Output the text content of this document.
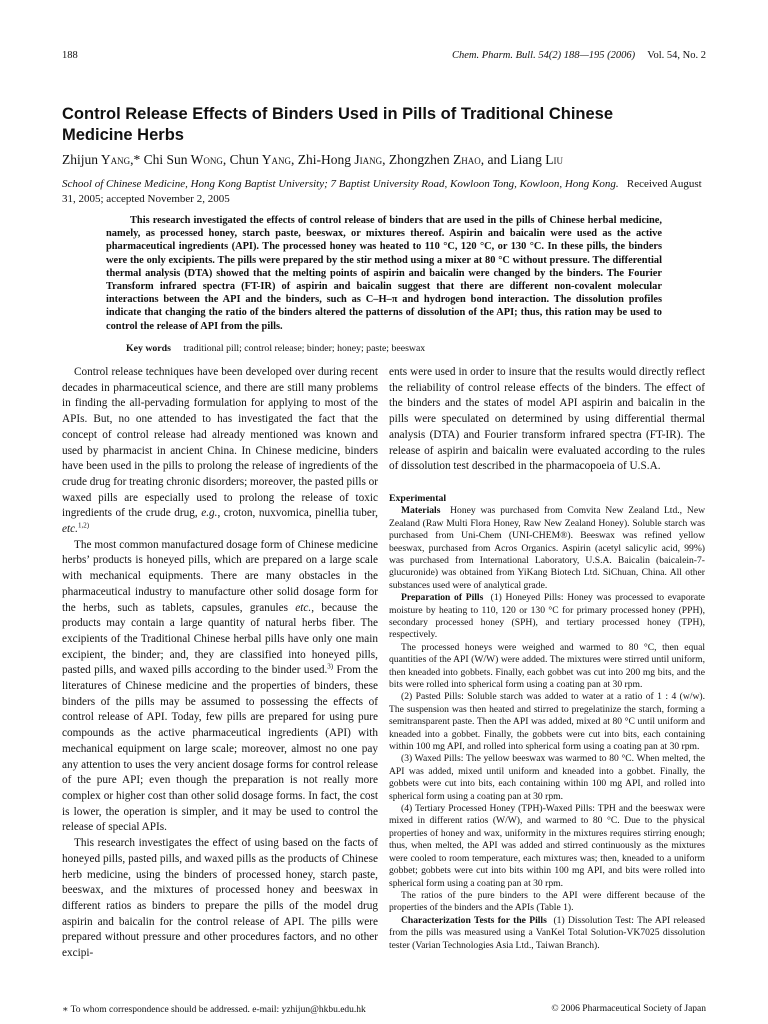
188	Chem. Pharm. Bull. 54(2) 188—195 (2006) Vol. 54, No. 2
Control Release Effects of Binders Used in Pills of Traditional Chinese Medicine Herbs
Zhijun Yang,* Chi Sun Wong, Chun Yang, Zhi-Hong Jiang, Zhongzhen Zhao, and Liang Liu
School of Chinese Medicine, Hong Kong Baptist University; 7 Baptist University Road, Kowloon Tong, Kowloon, Hong Kong. Received August 31, 2005; accepted November 2, 2005
This research investigated the effects of control release of binders that are used in the pills of Chinese herbal medicine, namely, as processed honey, starch paste, beeswax, or mixtures thereof. Aspirin and baicalin were used as the active pharmaceutical ingredients (API). The processed honey was heated to 110 °C, 120 °C, or 130 °C. In these pills, the binders were the only excipients. The pills were prepared by the stir method using a mixer at 80 °C without pressure. The differential thermal analysis (DTA) showed that the melting points of aspirin and baicalin were changed by the binders. The Fourier Transform infrared spectra (FT-IR) of aspirin and baicalin suggest that there are different non-covalent molecular interactions between the API and the binders, such as C–H–π and hydrogen bond interaction. The dissolution profiles indicate that changing the ratio of the binders altered the patterns of dissolution of the API; thus, this ration may be used to control the release of API from the pills.
Key words traditional pill; control release; binder; honey; paste; beeswax

Control release techniques have been developed over during recent decades in pharmaceutical science, and there are still many problems in finding the all-pervading formulation for applying to most of the APIs. But, no one attended to has investigated the fact that the concept of control release had already mentioned was known and used by pharmacist in ancient China. In Chinese medicine, binders have been used in the pills to prolong the release of ingredients of the crude drug for treating chronic disorders; moreover, the pasted pills or waxed pills are especially used to prolong the release of toxic ingredients of the crude drug, e.g., croton, nuxvomica, pinellia tuber, etc.$^{1,2)}$

The most common manufactured dosage form of Chinese medicine herbs’ products is honeyed pills, which are prepared on a large scale with mechanical equipments. There are many obstacles in the pharmaceutical industry to manufacture other solid dosage form for the herbs, such as tablets, capsules, granules etc., because the products may contain a large quantity of natural herbs fiber. The excipients of the Traditional Chinese herbal pills have only one main excipient, the binder; and, they are classified into honeyed pills, pasted pills, and waxed pills according to the binder used.$^{3)}$ From the literatures of Chinese medicine and the properties of binders, these binders of the pills may be assumed to possessing the effects of control release of API. Today, few pills are prepared for using pure compounds as the active pharmaceutical ingredients (API) with mechanical equipment on large scale; moreover, almost no one pay any attention to uses the very ancient dosage forms for control release of the pure API; even though the preparation is not really more complex or higher cost than other solid dosage forms. In fact, the cost is lower, the operation is simpler, and it may be used to control the release of special APIs.

This research investigates the effect of using based on the facts of honeyed pills, pasted pills, and waxed pills as the products of Chinese herb medicine, using the binders of processed honey, starch paste, beeswax, and the mixtures of processed honey and beeswax in different ratios as binders to prepare the pills of the model drug aspirin and baicalin for the control release of API. The pills were prepared without pressure and other procedures factors, and no other excipi-

ents were used in order to insure that the results would directly reflect the reliability of control release effects of the binders. The effect of the binders and the states of model API aspirin and baicalin in the pills were speculated on determined by using differential thermal analysis (DTA) and Fourier transform infrared spectra (FT-IR). The release of aspirin and baicalin were evaluated according to the rules of dissolution test described in the pharmacopoeia of U.S.A.

Experimental

Materials Honey was purchased from Comvita New Zealand Ltd., New Zealand (Raw Multi Flora Honey, Raw New Zealand Honey). Soluble starch was purchased from Uni-Chem (UNI-CHEM®). Beeswax was refined yellow beeswax, purchased from Acros Organics. Aspirin (acetyl salicylic acid, 99%) was purchased from International Laboratory, U.S.A. Baicalin (baicalein-7-glucuronide) was obtained from YiKang Biotech Ltd. SiChuan, China. All other substances used were of analytical grade.

Preparation of Pills (1) Honeyed Pills: Honey was processed to evaporate moisture by heating to 110, 120 or 130 °C for primary processed honey (PPH), secondary processed honey (SPH), and tertiary processed honey (TPH), respectively.

The processed honeys were weighed and warmed to 80 °C, then equal quantities of the API (W/W) were added. The mixtures were stirred until uniform, then kneaded into gobbets. Finally, each gobbet was cut into 200 mg bits, and the bits were rolled into spherical form using a coating pan at 30 rpm.

(2) Pasted Pills: Soluble starch was added to water at a ratio of 1 : 4 (w/w). The suspension was then heated and stirred to pregelatinize the starch, forming a semitransparent paste. Then the API was added, mixed at 80 °C until uniform and kneaded into a gobbet. Finally, the gobbets were cut into bits, each containing within 100 mg API, and rolled into spherical form using a coating pan at 30 rpm.

(3) Waxed Pills: The yellow beeswax was warmed to 80 °C. When melted, the API was added, mixed until uniform and kneaded into a gobbet. Finally, the gobbets were cut into bits, each containing within 100 mg API, and rolled into spherical form using a coating pan at 30 rpm.

(4) Tertiary Processed Honey (TPH)-Waxed Pills: TPH and the beeswax were mixed in different ratios (W/W), and warmed to 80 °C. Due to the physical properties of honey and wax, uniformity in the mixtures requires stirring enough; thus, when melted, the API was added and stirred continuously as the mixtures were cooled to room temperature, each mixtures was; then, kneaded to a uniform gobbet; gobbets were cut into bits within 100 mg API, and bits were rolled into spherical form using a coating pan at 30 rpm.

The ratios of the pure binders to the API were different because of the properties of the binders and the APIs (Table 1).

Characterization Tests for the Pills (1) Dissolution Test: The API released from the pills was measured using a VanKel Total Solution-VK7025 dissolution tester (Varian Technologies Asia Ltd., Taiwan Branch).

∗ To whom correspondence should be addressed. e-mail: yzhijun@hkbu.edu.hk	© 2006 Pharmaceutical Society of Japan
